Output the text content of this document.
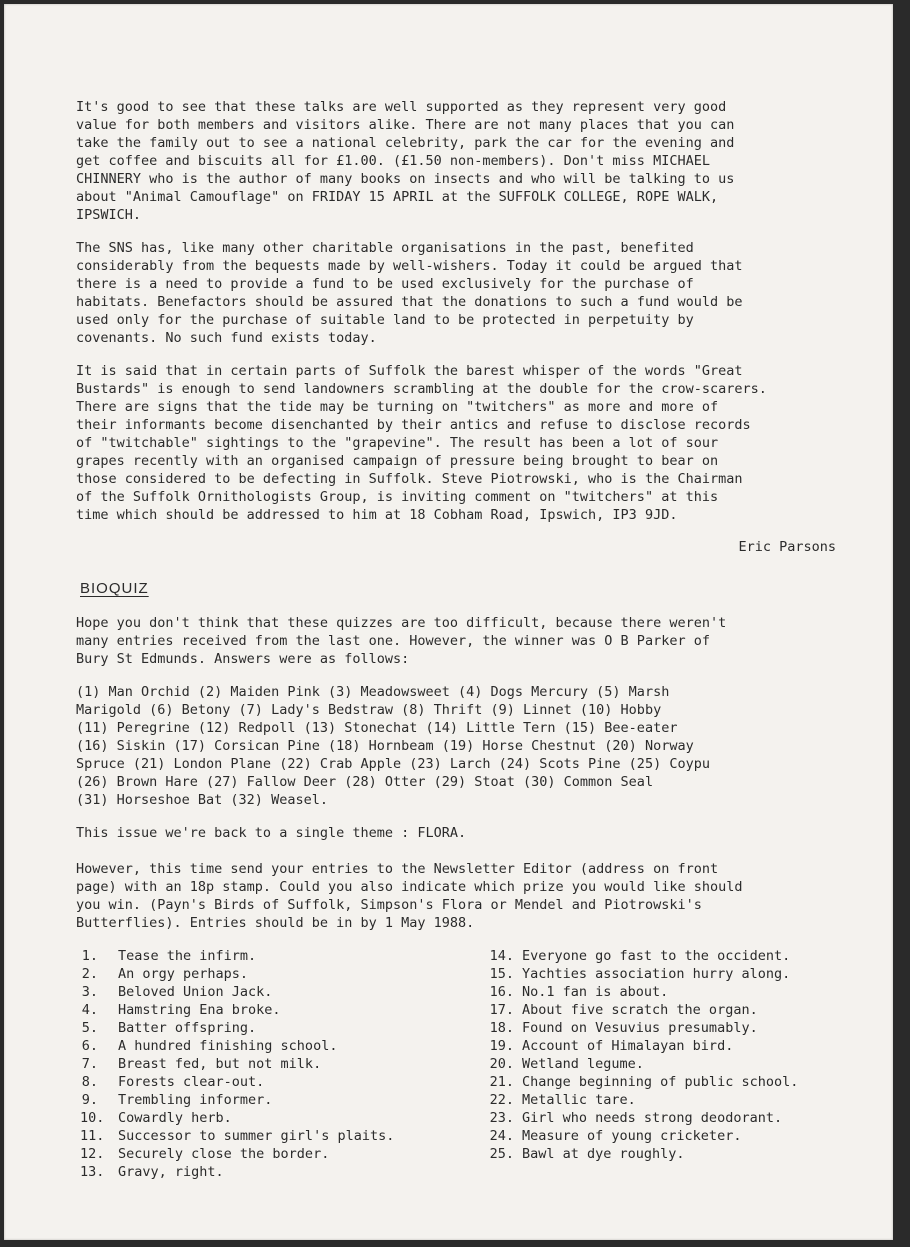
It's good to see that these talks are well supported as they represent very good
value for both members and visitors alike. There are not many places that you can
take the family out to see a national celebrity, park the car for the evening and
get coffee and biscuits all for £1.00. (£1.50 non-members). Don't miss MICHAEL
CHINNERY who is the author of many books on insects and who will be talking to us
about "Animal Camouflage" on FRIDAY 15 APRIL at the SUFFOLK COLLEGE, ROPE WALK,
IPSWICH.

The SNS has, like many other charitable organisations in the past, benefited
considerably from the bequests made by well-wishers. Today it could be argued that
there is a need to provide a fund to be used exclusively for the purchase of
habitats. Benefactors should be assured that the donations to such a fund would be
used only for the purchase of suitable land to be protected in perpetuity by
covenants. No such fund exists today.

It is said that in certain parts of Suffolk the barest whisper of the words "Great
Bustards" is enough to send landowners scrambling at the double for the crow-scarers.
There are signs that the tide may be turning on "twitchers" as more and more of
their informants become disenchanted by their antics and refuse to disclose records
of "twitchable" sightings to the "grapevine". The result has been a lot of sour
grapes recently with an organised campaign of pressure being brought to bear on
those considered to be defecting in Suffolk. Steve Piotrowski, who is the Chairman
of the Suffolk Ornithologists Group, is inviting comment on "twitchers" at this
time which should be addressed to him at 18 Cobham Road, Ipswich, IP3 9JD.

Eric Parsons
BIOQUIZ

Hope you don't think that these quizzes are too difficult, because there weren't
many entries received from the last one. However, the winner was O B Parker of
Bury St Edmunds. Answers were as follows:

(1) Man Orchid (2) Maiden Pink (3) Meadowsweet (4) Dogs Mercury (5) Marsh
Marigold (6) Betony (7) Lady's Bedstraw (8) Thrift (9) Linnet (10) Hobby
(11) Peregrine (12) Redpoll (13) Stonechat (14) Little Tern (15) Bee-eater
(16) Siskin (17) Corsican Pine (18) Hornbeam (19) Horse Chestnut (20) Norway
Spruce (21) London Plane (22) Crab Apple (23) Larch (24) Scots Pine (25) Coypu
(26) Brown Hare (27) Fallow Deer (28) Otter (29) Stoat (30) Common Seal
(31) Horseshoe Bat (32) Weasel.

This issue we're back to a single theme : FLORA.

However, this time send your entries to the Newsletter Editor (address on front
page) with an 18p stamp. Could you also indicate which prize you would like should
you win. (Payn's Birds of Suffolk, Simpson's Flora or Mendel and Piotrowski's
Butterflies). Entries should be in by 1 May 1988.

1.	Tease the infirm.
2.	An orgy perhaps.
3.	Beloved Union Jack.
4.	Hamstring Ena broke.
5.	Batter offspring.
6.	A hundred finishing school.
7.	Breast fed, but not milk.
8.	Forests clear-out.
9.	Trembling informer.
10.	Cowardly herb.
11.	Successor to summer girl's plaits.
12.	Securely close the border.
13.	Gravy, right.
14. Everyone go fast to the occident.
15. Yachties association hurry along.
16. No.1 fan is about.
17. About five scratch the organ.
18. Found on Vesuvius presumably.
19. Account of Himalayan bird.
20. Wetland legume.
21. Change beginning of public school.
22. Metallic tare.
23. Girl who needs strong deodorant.
24. Measure of young cricketer.
25. Bawl at dye roughly.
